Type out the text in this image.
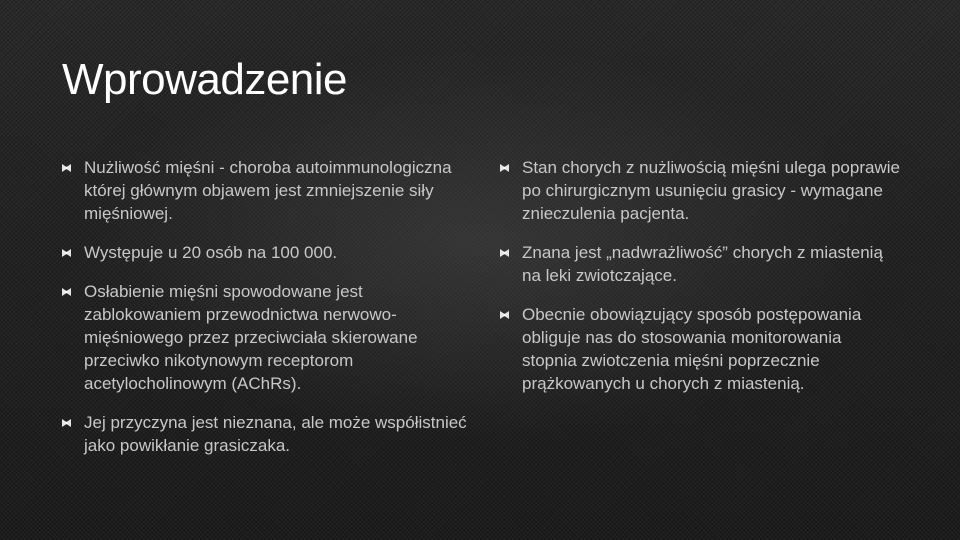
Wprowadzenie
Nużliwość mięśni - choroba autoimmunologiczna której głównym objawem jest zmniejszenie siły mięśniowej.
Występuje u 20 osób na 100 000.
Osłabienie mięśni spowodowane jest zablokowaniem przewodnictwa nerwowo-mięśniowego przez przeciwciała skierowane przeciwko nikotynowym receptorom acetylocholinowym (AChRs).
Jej przyczyna jest nieznana, ale może współistnieć jako powikłanie grasiczaka.
Stan chorych z nużliwością mięśni ulega poprawie po chirurgicznym usunięciu grasicy - wymagane znieczulenia pacjenta.
Znana jest „nadwrażliwość” chorych z miastenią na leki zwiotczające.
Obecnie obowiązujący sposób postępowania obliguje nas do stosowania monitorowania stopnia zwiotczenia mięśni poprzecznie prążkowanych u chorych z miastenią.
